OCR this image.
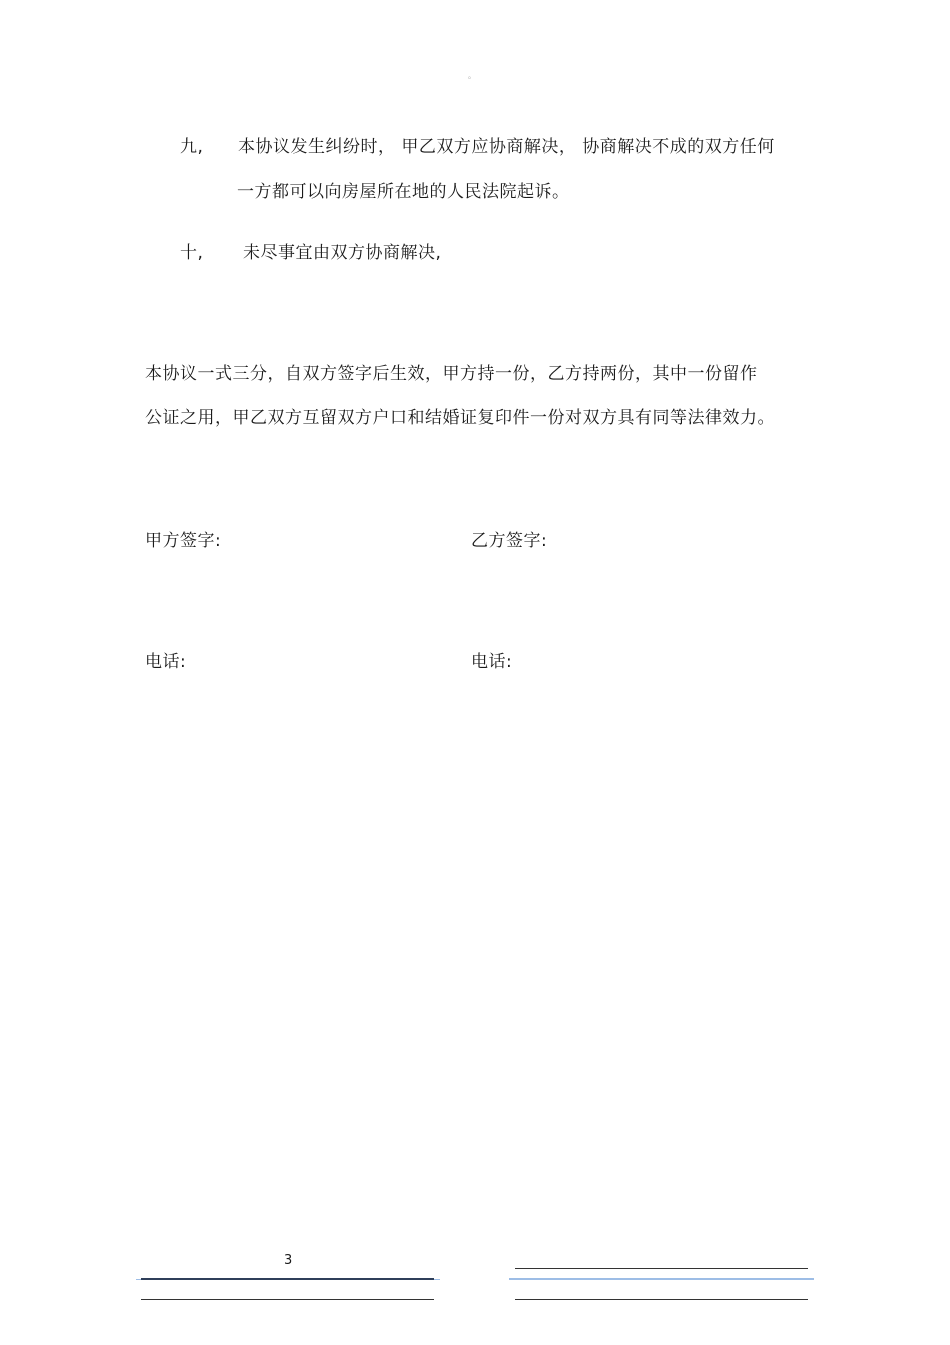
。
九, 本协议发生纠纷时， 甲乙双方应协商解决， 协商解决不成的双方任何
一方都可以向房屋所在地的人民法院起诉。
十, 未尽事宜由双方协商解决,
本协议一式三分，自双方签字后生效，甲方持一份，乙方持两份，其中一份留作
公证之用，甲乙双方互留双方户口和结婚证复印件一份对双方具有同等法律效力。
甲方签字:	乙方签字:
电话:	电话:
3
